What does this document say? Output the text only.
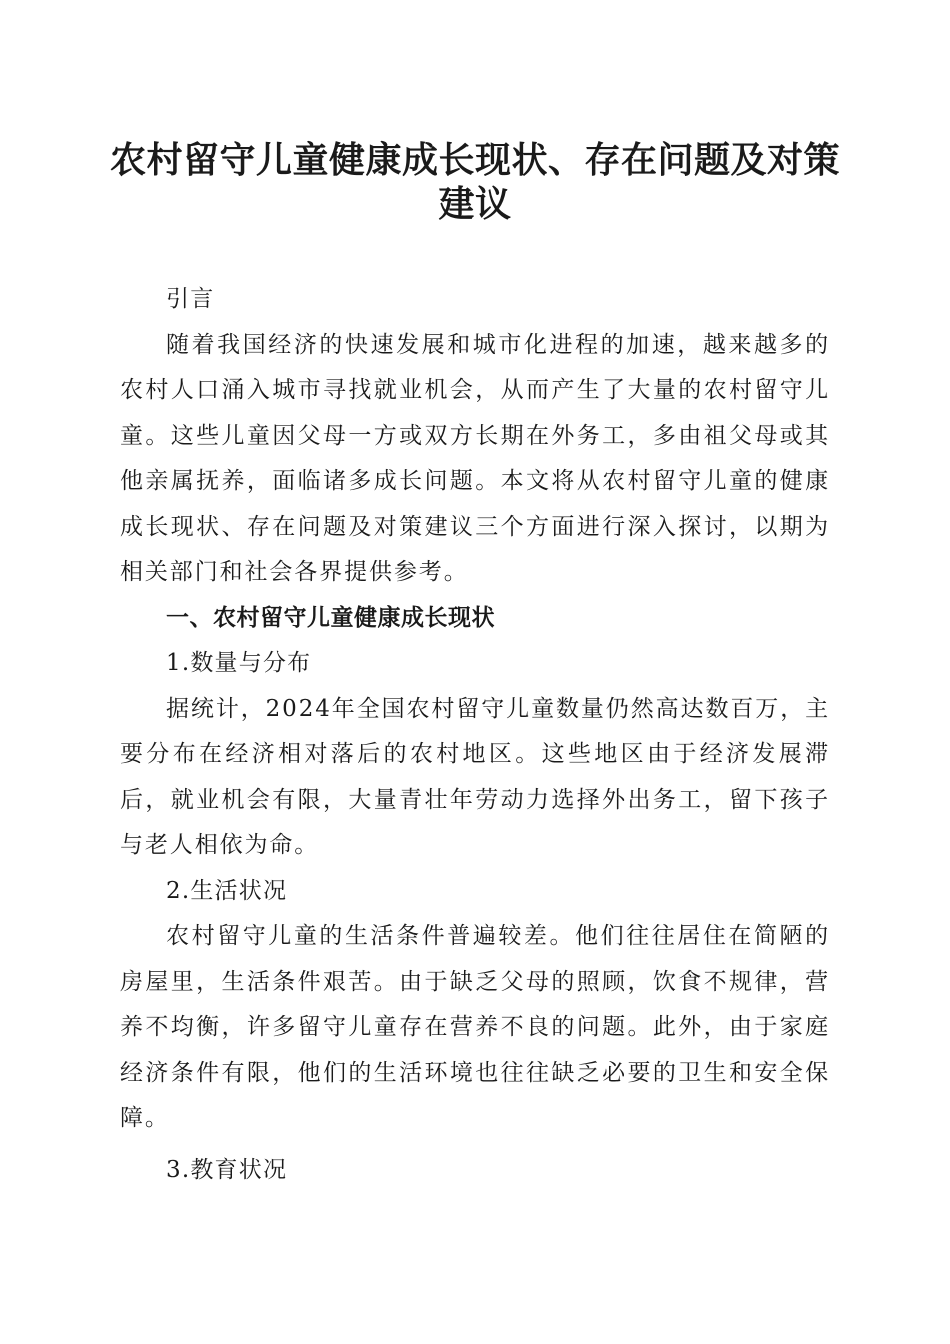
农村留守儿童健康成长现状、存在问题及对策
建议

引言

随着我国经济的快速发展和城市化进程的加速，越来越多的农村人口涌入城市寻找就业机会，从而产生了大量的农村留守儿童。这些儿童因父母一方或双方长期在外务工，多由祖父母或其他亲属抚养，面临诸多成长问题。本文将从农村留守儿童的健康成长现状、存在问题及对策建议三个方面进行深入探讨，以期为相关部门和社会各界提供参考。

一、农村留守儿童健康成长现状

1.数量与分布

据统计，2024年全国农村留守儿童数量仍然高达数百万，主要分布在经济相对落后的农村地区。这些地区由于经济发展滞后，就业机会有限，大量青壮年劳动力选择外出务工，留下孩子与老人相依为命。

2.生活状况

农村留守儿童的生活条件普遍较差。他们往往居住在简陋的房屋里，生活条件艰苦。由于缺乏父母的照顾，饮食不规律，营养不均衡，许多留守儿童存在营养不良的问题。此外，由于家庭经济条件有限，他们的生活环境也往往缺乏必要的卫生和安全保障。

3.教育状况
